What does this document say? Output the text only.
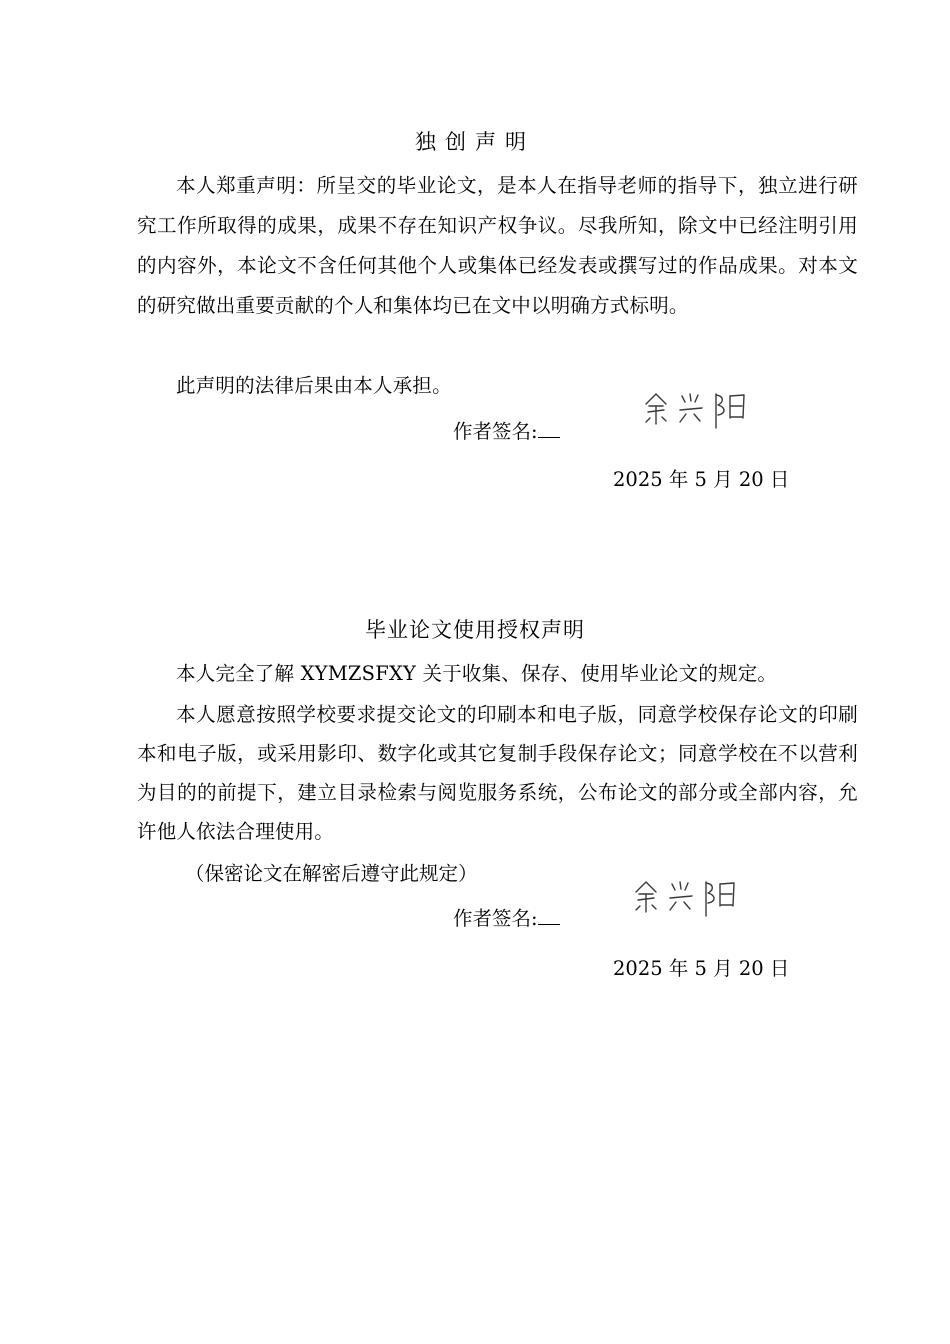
独创声明

本人郑重声明：所呈交的毕业论文，是本人在指导老师的指导下，独立进行研究工作所取得的成果，成果不存在知识产权争议。尽我所知，除文中已经注明引用的内容外，本论文不含任何其他个人或集体已经发表或撰写过的作品成果。对本文的研究做出重要贡献的个人和集体均已在文中以明确方式标明。

此声明的法律后果由本人承担。

作者签名:
2025 年 5 月 20 日
毕业论文使用授权声明

本人完全了解 XYMZSFXY 关于收集、保存、使用毕业论文的规定。

本人愿意按照学校要求提交论文的印刷本和电子版，同意学校保存论文的印刷本和电子版，或采用影印、数字化或其它复制手段保存论文；同意学校在不以营利为目的的前提下，建立目录检索与阅览服务系统，公布论文的部分或全部内容，允许他人依法合理使用。

（保密论文在解密后遵守此规定）
作者签名:
2025 年 5 月 20 日
